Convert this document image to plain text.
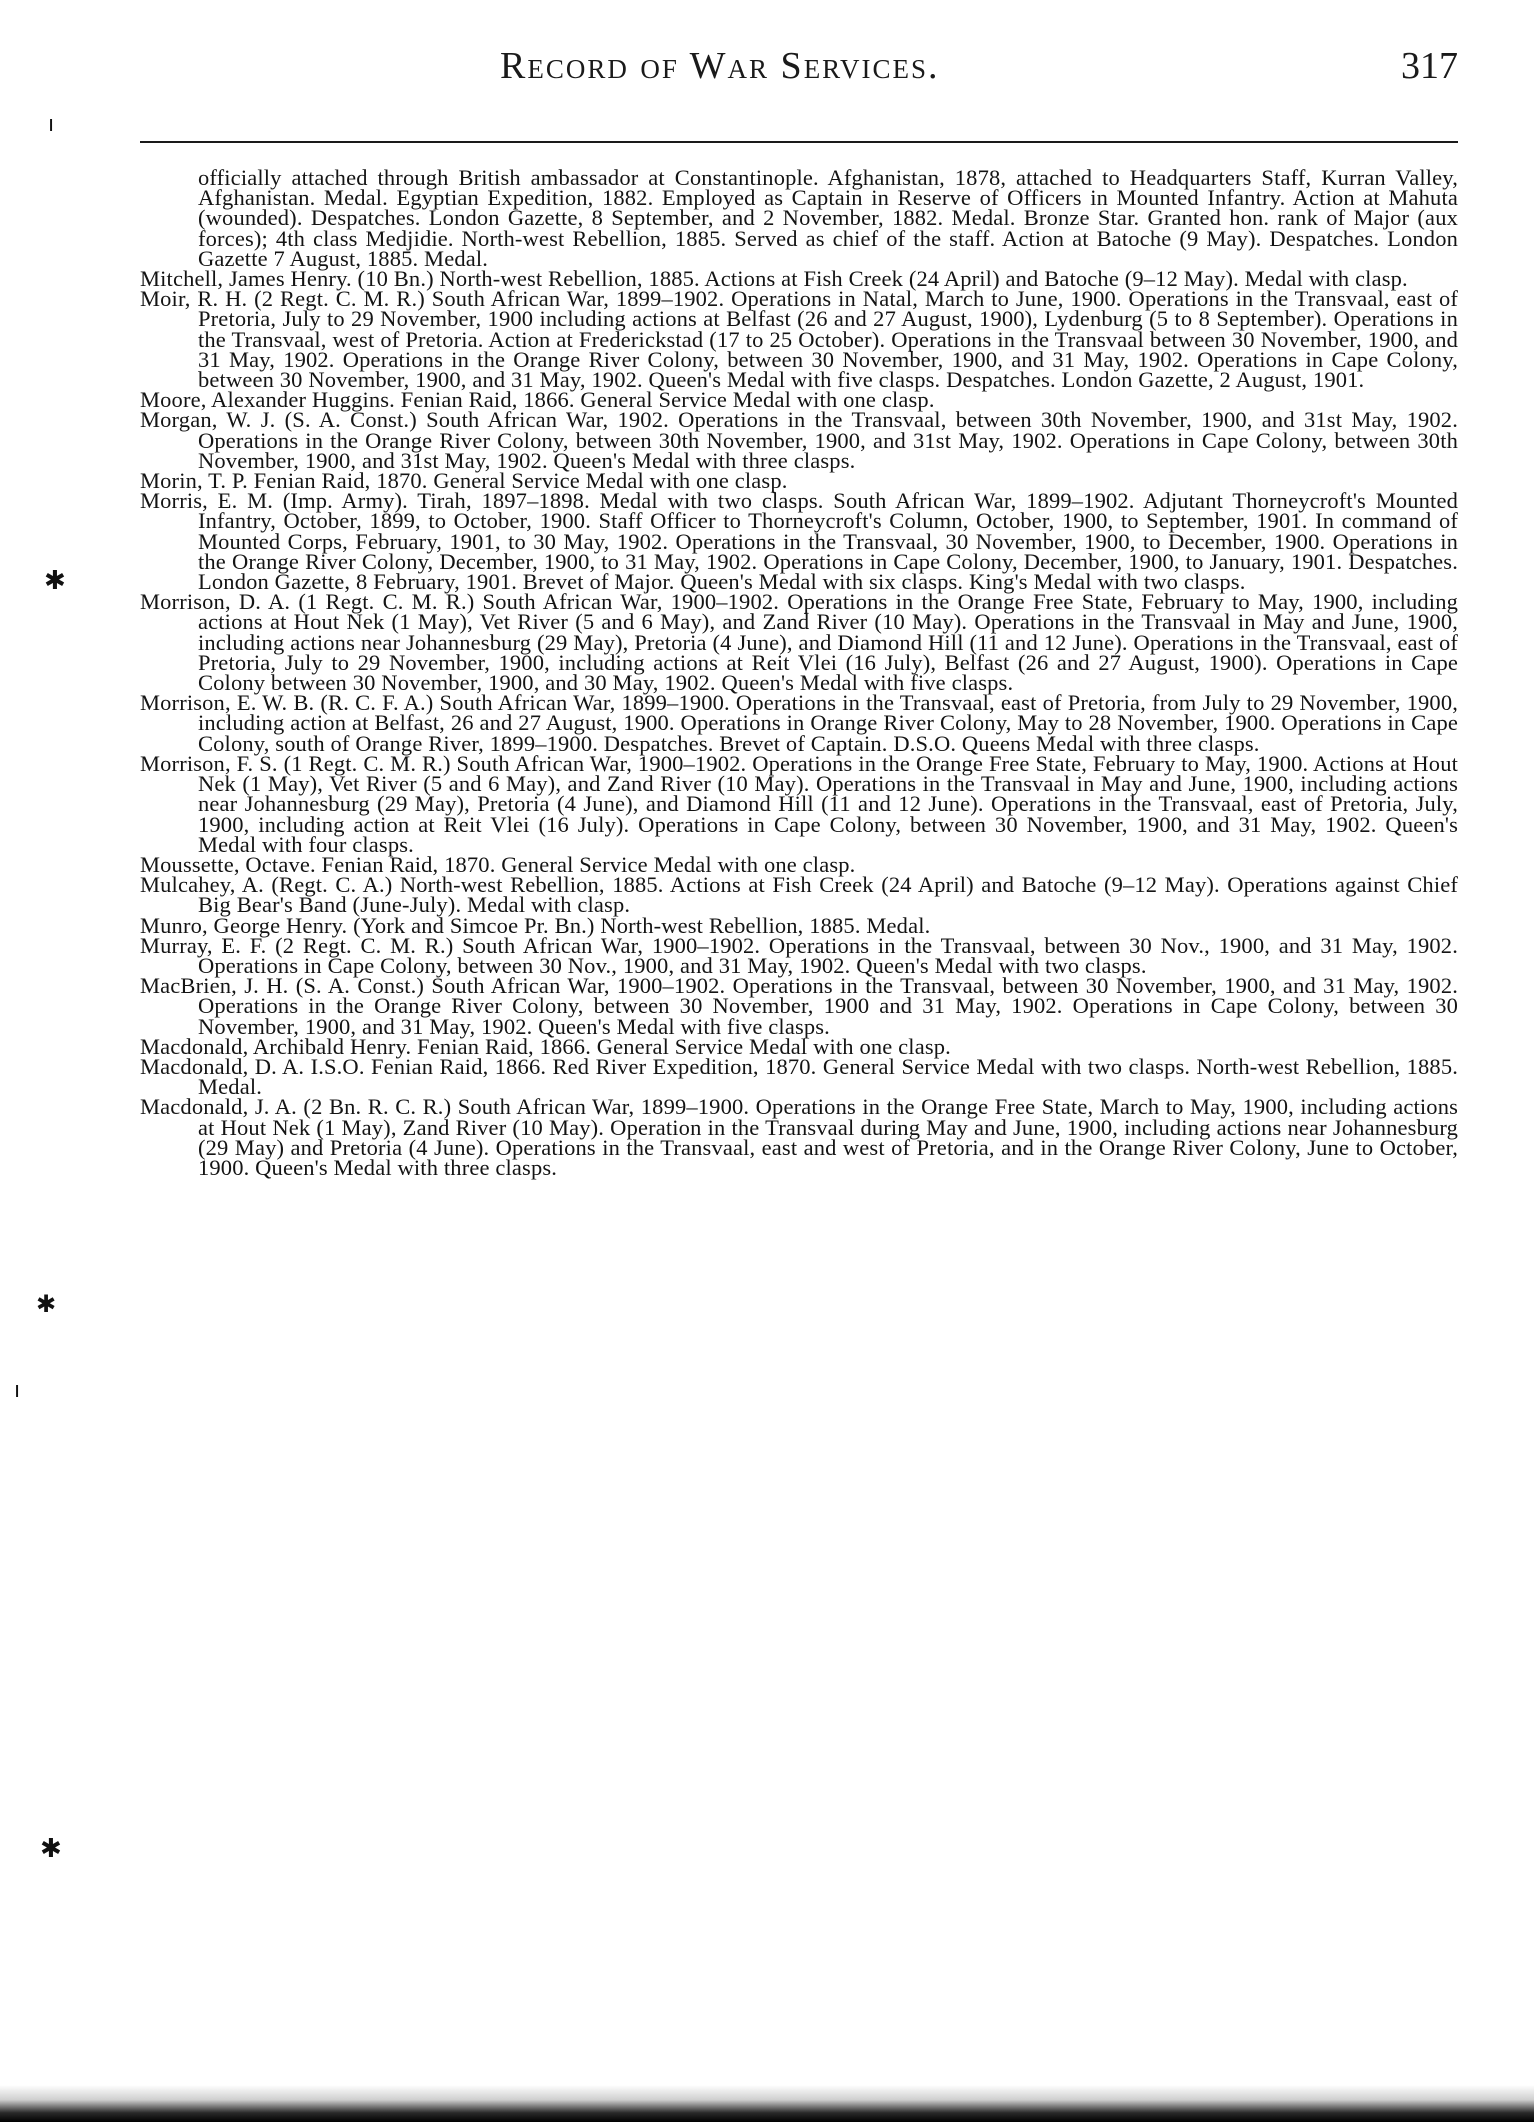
Record of War Services.	317

officially attached through British ambassador at Constantinople. Afghanistan, 1878, attached to Headquarters Staff, Kurran Valley, Afghanistan. Medal. Egyptian Expedition, 1882. Employed as Captain in Reserve of Officers in Mounted Infantry. Action at Mahuta (wounded). Despatches. London Gazette, 8 September, and 2 November, 1882. Medal. Bronze Star. Granted hon. rank of Major (aux forces); 4th class Medjidie. North-west Rebellion, 1885. Served as chief of the staff. Action at Batoche (9 May). Despatches. London Gazette 7 August, 1885. Medal.

Mitchell, James Henry. (10 Bn.) North-west Rebellion, 1885. Actions at Fish Creek (24 April) and Batoche (9–12 May). Medal with clasp.

Moir, R. H. (2 Regt. C. M. R.) South African War, 1899–1902. Operations in Natal, March to June, 1900. Operations in the Transvaal, east of Pretoria, July to 29 November, 1900 including actions at Belfast (26 and 27 August, 1900), Lydenburg (5 to 8 September). Operations in the Transvaal, west of Pretoria. Action at Frederickstad (17 to 25 October). Operations in the Transvaal between 30 November, 1900, and 31 May, 1902. Operations in the Orange River Colony, between 30 November, 1900, and 31 May, 1902. Operations in Cape Colony, between 30 November, 1900, and 31 May, 1902. Queen's Medal with five clasps. Despatches. London Gazette, 2 August, 1901.

Moore, Alexander Huggins. Fenian Raid, 1866. General Service Medal with one clasp.

Morgan, W. J. (S. A. Const.) South African War, 1902. Operations in the Transvaal, between 30th November, 1900, and 31st May, 1902. Operations in the Orange River Colony, between 30th November, 1900, and 31st May, 1902. Operations in Cape Colony, between 30th November, 1900, and 31st May, 1902. Queen's Medal with three clasps.

Morin, T. P. Fenian Raid, 1870. General Service Medal with one clasp.

Morris, E. M. (Imp. Army). Tirah, 1897–1898. Medal with two clasps. South African War, 1899–1902. Adjutant Thorneycroft's Mounted Infantry, October, 1899, to October, 1900. Staff Officer to Thorneycroft's Column, October, 1900, to September, 1901. In command of Mounted Corps, February, 1901, to 30 May, 1902. Operations in the Transvaal, 30 November, 1900, to December, 1900. Operations in the Orange River Colony, December, 1900, to 31 May, 1902. Operations in Cape Colony, December, 1900, to January, 1901. Despatches. London Gazette, 8 February, 1901. Brevet of Major. Queen's Medal with six clasps. King's Medal with two clasps.

Morrison, D. A. (1 Regt. C. M. R.) South African War, 1900–1902. Operations in the Orange Free State, February to May, 1900, including actions at Hout Nek (1 May), Vet River (5 and 6 May), and Zand River (10 May). Operations in the Transvaal in May and June, 1900, including actions near Johannesburg (29 May), Pretoria (4 June), and Diamond Hill (11 and 12 June). Operations in the Transvaal, east of Pretoria, July to 29 November, 1900, including actions at Reit Vlei (16 July), Belfast (26 and 27 August, 1900). Operations in Cape Colony between 30 November, 1900, and 30 May, 1902. Queen's Medal with five clasps.

Morrison, E. W. B. (R. C. F. A.) South African War, 1899–1900. Operations in the Transvaal, east of Pretoria, from July to 29 November, 1900, including action at Belfast, 26 and 27 August, 1900. Operations in Orange River Colony, May to 28 November, 1900. Operations in Cape Colony, south of Orange River, 1899–1900. Despatches. Brevet of Captain. D.S.O. Queens Medal with three clasps.

Morrison, F. S. (1 Regt. C. M. R.) South African War, 1900–1902. Operations in the Orange Free State, February to May, 1900. Actions at Hout Nek (1 May), Vet River (5 and 6 May), and Zand River (10 May). Operations in the Transvaal in May and June, 1900, including actions near Johannesburg (29 May), Pretoria (4 June), and Diamond Hill (11 and 12 June). Operations in the Transvaal, east of Pretoria, July, 1900, including action at Reit Vlei (16 July). Operations in Cape Colony, between 30 November, 1900, and 31 May, 1902. Queen's Medal with four clasps.

Moussette, Octave. Fenian Raid, 1870. General Service Medal with one clasp.

Mulcahey, A. (Regt. C. A.) North-west Rebellion, 1885. Actions at Fish Creek (24 April) and Batoche (9–12 May). Operations against Chief Big Bear's Band (June-July). Medal with clasp.

Munro, George Henry. (York and Simcoe Pr. Bn.) North-west Rebellion, 1885. Medal.

Murray, E. F. (2 Regt. C. M. R.) South African War, 1900–1902. Operations in the Transvaal, between 30 Nov., 1900, and 31 May, 1902. Operations in Cape Colony, between 30 Nov., 1900, and 31 May, 1902. Queen's Medal with two clasps.

MacBrien, J. H. (S. A. Const.) South African War, 1900–1902. Operations in the Transvaal, between 30 November, 1900, and 31 May, 1902. Operations in the Orange River Colony, between 30 November, 1900 and 31 May, 1902. Operations in Cape Colony, between 30 November, 1900, and 31 May, 1902. Queen's Medal with five clasps.

Macdonald, Archibald Henry. Fenian Raid, 1866. General Service Medal with one clasp.

Macdonald, D. A. I.S.O. Fenian Raid, 1866. Red River Expedition, 1870. General Service Medal with two clasps. North-west Rebellion, 1885. Medal.

Macdonald, J. A. (2 Bn. R. C. R.) South African War, 1899–1900. Operations in the Orange Free State, March to May, 1900, including actions at Hout Nek (1 May), Zand River (10 May). Operation in the Transvaal during May and June, 1900, including actions near Johannesburg (29 May) and Pretoria (4 June). Operations in the Transvaal, east and west of Pretoria, and in the Orange River Colony, June to October, 1900. Queen's Medal with three clasps.

ı
✱
✱
ı
✱
